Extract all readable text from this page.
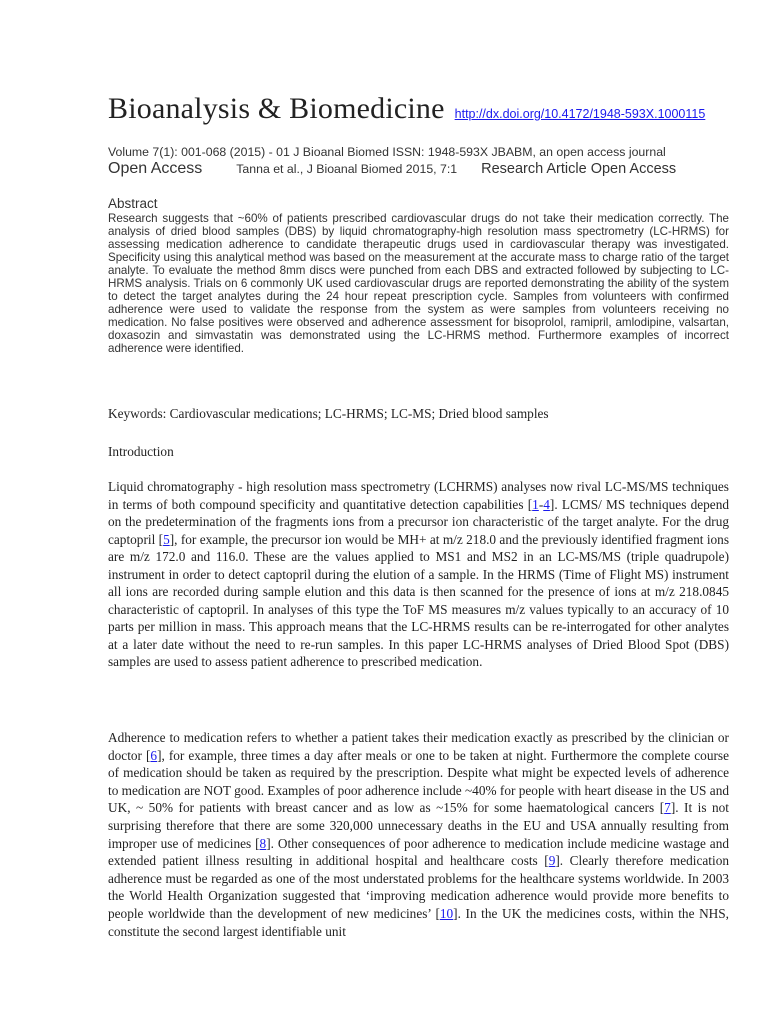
Bioanalysis & Biomedicine http://dx.doi.org/10.4172/1948-593X.1000115
Volume 7(1): 001-068 (2015) - 01 J Bioanal Biomed ISSN: 1948-593X JBABM, an open access journal
Open Access	Tanna et al., J Bioanal Biomed 2015, 7:1 Research Article Open Access
Abstract

Research suggests that ~60% of patients prescribed cardiovascular drugs do not take their medication correctly. The analysis of dried blood samples (DBS) by liquid chromatography-high resolution mass spectrometry (LC-HRMS) for assessing medication adherence to candidate therapeutic drugs used in cardiovascular therapy was investigated. Specificity using this analytical method was based on the measurement at the accurate mass to charge ratio of the target analyte. To evaluate the method 8mm discs were punched from each DBS and extracted followed by subjecting to LC-HRMS analysis. Trials on 6 commonly UK used cardiovascular drugs are reported demonstrating the ability of the system to detect the target analytes during the 24 hour repeat prescription cycle. Samples from volunteers with confirmed adherence were used to validate the response from the system as were samples from volunteers receiving no medication. No false positives were observed and adherence assessment for bisoprolol, ramipril, amlodipine, valsartan, doxasozin and simvastatin was demonstrated using the LC-HRMS method. Furthermore examples of incorrect adherence were identified.

Keywords: Cardiovascular medications; LC-HRMS; LC-MS; Dried blood samples

Introduction

Liquid chromatography - high resolution mass spectrometry (LCHRMS) analyses now rival LC-MS/MS techniques in terms of both compound specificity and quantitative detection capabilities [1-4]. LCMS/ MS techniques depend on the predetermination of the fragments ions from a precursor ion characteristic of the target analyte. For the drug captopril [5], for example, the precursor ion would be MH+ at m/z 218.0 and the previously identified fragment ions are m/z 172.0 and 116.0. These are the values applied to MS1 and MS2 in an LC-MS/MS (triple quadrupole) instrument in order to detect captopril during the elution of a sample. In the HRMS (Time of Flight MS) instrument all ions are recorded during sample elution and this data is then scanned for the presence of ions at m/z 218.0845 characteristic of captopril. In analyses of this type the ToF MS measures m/z values typically to an accuracy of 10 parts per million in mass. This approach means that the LC-HRMS results can be re-interrogated for other analytes at a later date without the need to re-run samples. In this paper LC-HRMS analyses of Dried Blood Spot (DBS) samples are used to assess patient adherence to prescribed medication.

Adherence to medication refers to whether a patient takes their medication exactly as prescribed by the clinician or doctor [6], for example, three times a day after meals or one to be taken at night. Furthermore the complete course of medication should be taken as required by the prescription. Despite what might be expected levels of adherence to medication are NOT good. Examples of poor adherence include ~40% for people with heart disease in the US and UK, ~ 50% for patients with breast cancer and as low as ~15% for some haematological cancers [7]. It is not surprising therefore that there are some 320,000 unnecessary deaths in the EU and USA annually resulting from improper use of medicines [8]. Other consequences of poor adherence to medication include medicine wastage and extended patient illness resulting in additional hospital and healthcare costs [9]. Clearly therefore medication adherence must be regarded as one of the most understated problems for the healthcare systems worldwide. In 2003 the World Health Organization suggested that ‘improving medication adherence would provide more benefits to people worldwide than the development of new medicines’ [10]. In the UK the medicines costs, within the NHS, constitute the second largest identifiable unit
